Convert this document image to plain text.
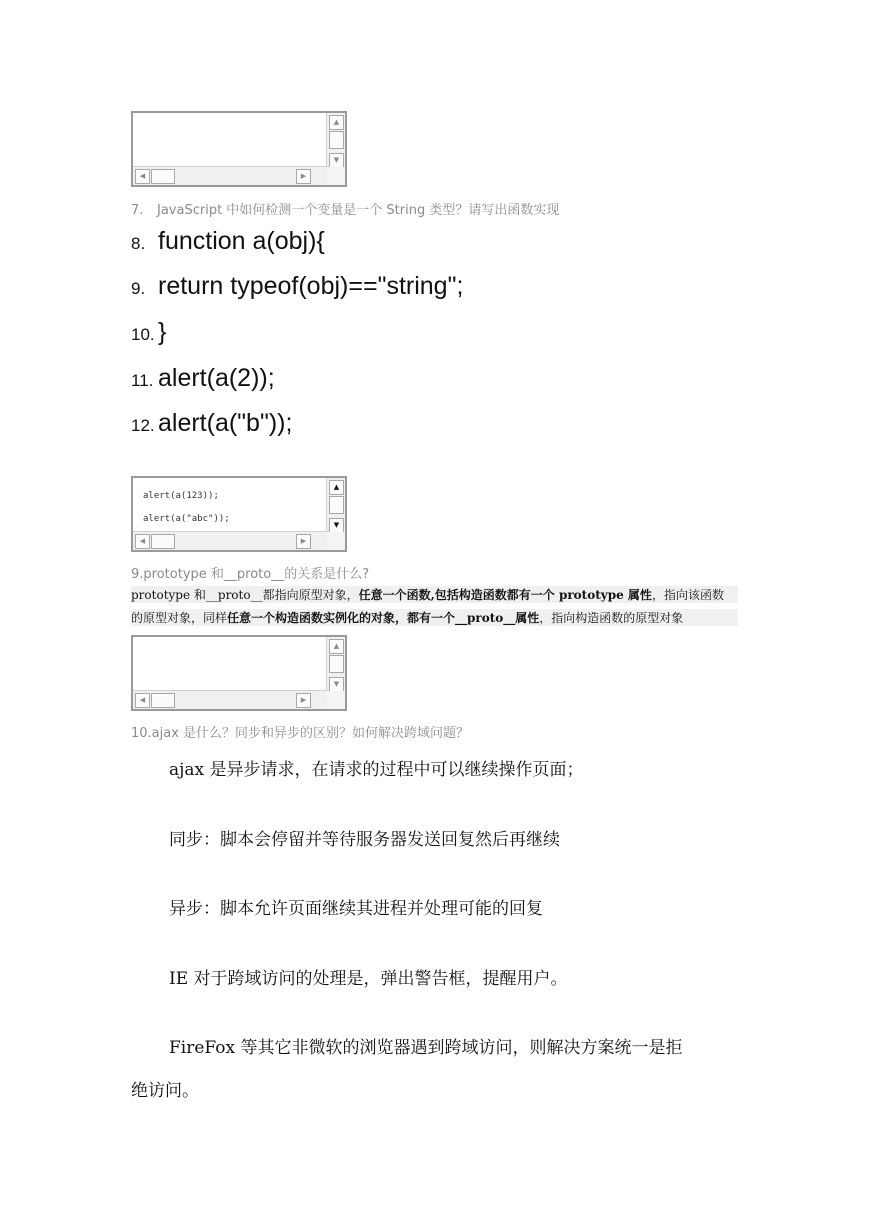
▲
▼
◀	▶
7. JavaScript 中如何检测一个变量是一个 String 类型？请写出函数实现
8. function a(obj){
9. return typeof(obj)=="string";
10. }
11. alert(a(2));
12. alert(a("b"));
alert(a(123));
alert(a("abc"));
▲
▼
◀	▶
9.prototype 和__proto__的关系是什么?
prototype 和__proto__都指向原型对象，任意一个函数,包括构造函数都有一个 prototype 属性，指向该函数
的原型对象，同样任意一个构造函数实例化的对象，都有一个__proto__属性，指向构造函数的原型对象
▲
▼
◀	▶
10.ajax 是什么？同步和异步的区别？如何解决跨域问题？
ajax 是异步请求，在请求的过程中可以继续操作页面；
同步：脚本会停留并等待服务器发送回复然后再继续
异步：脚本允许页面继续其进程并处理可能的回复
IE 对于跨域访问的处理是，弹出警告框，提醒用户。
FireFox 等其它非微软的浏览器遇到跨域访问，则解决方案统一是拒
绝访问。
